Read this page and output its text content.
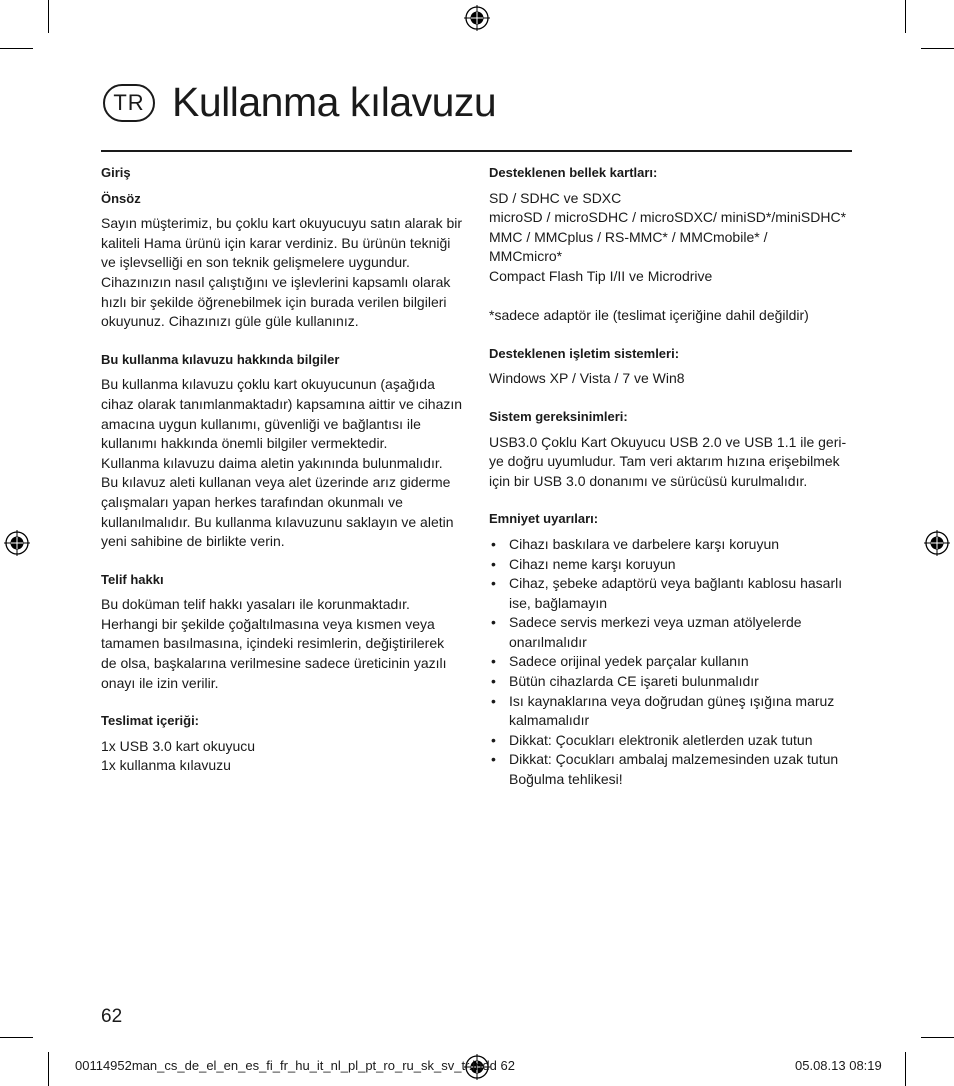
TR Kullanma kılavuzu

Giriş

Önsöz

Sayın müşterimiz, bu çoklu kart okuyucuyu satın alarak bir
kaliteli Hama ürünü için karar verdiniz. Bu ürünün tekniği
ve işlevselliği en son teknik gelişmelere uygundur.
Cihazınızın nasıl çalıştığını ve işlevlerini kapsamlı olarak
hızlı bir şekilde öğrenebilmek için burada verilen bilgileri
okuyunuz. Cihazınızı güle güle kullanınız.

Bu kullanma kılavuzu hakkında bilgiler

Bu kullanma kılavuzu çoklu kart okuyucunun (aşağıda
cihaz olarak tanımlanmaktadır) kapsamına aittir ve cihazın
amacına uygun kullanımı, güvenliği ve bağlantısı ile
kullanımı hakkında önemli bilgiler vermektedir.
Kullanma kılavuzu daima aletin yakınında bulunmalıdır.
Bu kılavuz aleti kullanan veya alet üzerinde arız giderme
çalışmaları yapan herkes tarafından okunmalı ve
kullanılmalıdır. Bu kullanma kılavuzunu saklayın ve aletin
yeni sahibine de birlikte verin.

Telif hakkı

Bu doküman telif hakkı yasaları ile korunmaktadır.
Herhangi bir şekilde çoğaltılmasına veya kısmen veya
tamamen basılmasına, içindeki resimlerin, değiştirilerek
de olsa, başkalarına verilmesine sadece üreticinin yazılı
onayı ile izin verilir.

Teslimat içeriği:

1x USB 3.0 kart okuyucu
1x kullanma kılavuzu

Desteklenen bellek kartları:

SD / SDHC ve SDXC
microSD / microSDHC / microSDXC/ miniSD*/miniSDHC*
MMC / MMCplus / RS-MMC* / MMCmobile* /
MMCmicro*
Compact Flash Tip I/II ve Microdrive

*sadece adaptör ile (teslimat içeriğine dahil değildir)

Desteklenen işletim sistemleri:

Windows XP / Vista / 7 ve Win8

Sistem gereksinimleri:

USB3.0 Çoklu Kart Okuyucu USB 2.0 ve USB 1.1 ile geri-
ye doğru uyumludur. Tam veri aktarım hızına erişebilmek
için bir USB 3.0 donanımı ve sürücüsü kurulmalıdır.

Emniyet uyarıları:

• Cihazı baskılara ve darbelere karşı koruyun
• Cihazı neme karşı koruyun
• Cihaz, şebeke adaptörü veya bağlantı kablosu hasarlı ise, bağlamayın
• Sadece servis merkezi veya uzman atölyelerde onarılmalıdır
• Sadece orijinal yedek parçalar kullanın
• Bütün cihazlarda CE işareti bulunmalıdır
• Isı kaynaklarına veya doğrudan güneş ışığına maruz kalmamalıdır
• Dikkat: Çocukları elektronik aletlerden uzak tutun
• Dikkat: Çocukları ambalaj malzemesinden uzak tutun Boğulma tehlikesi!
62
00114952man_cs_de_el_en_es_fi_fr_hu_it_nl_pl_pt_ro_ru_sk_sv_tr.indd 62	05.08.13 08:19
